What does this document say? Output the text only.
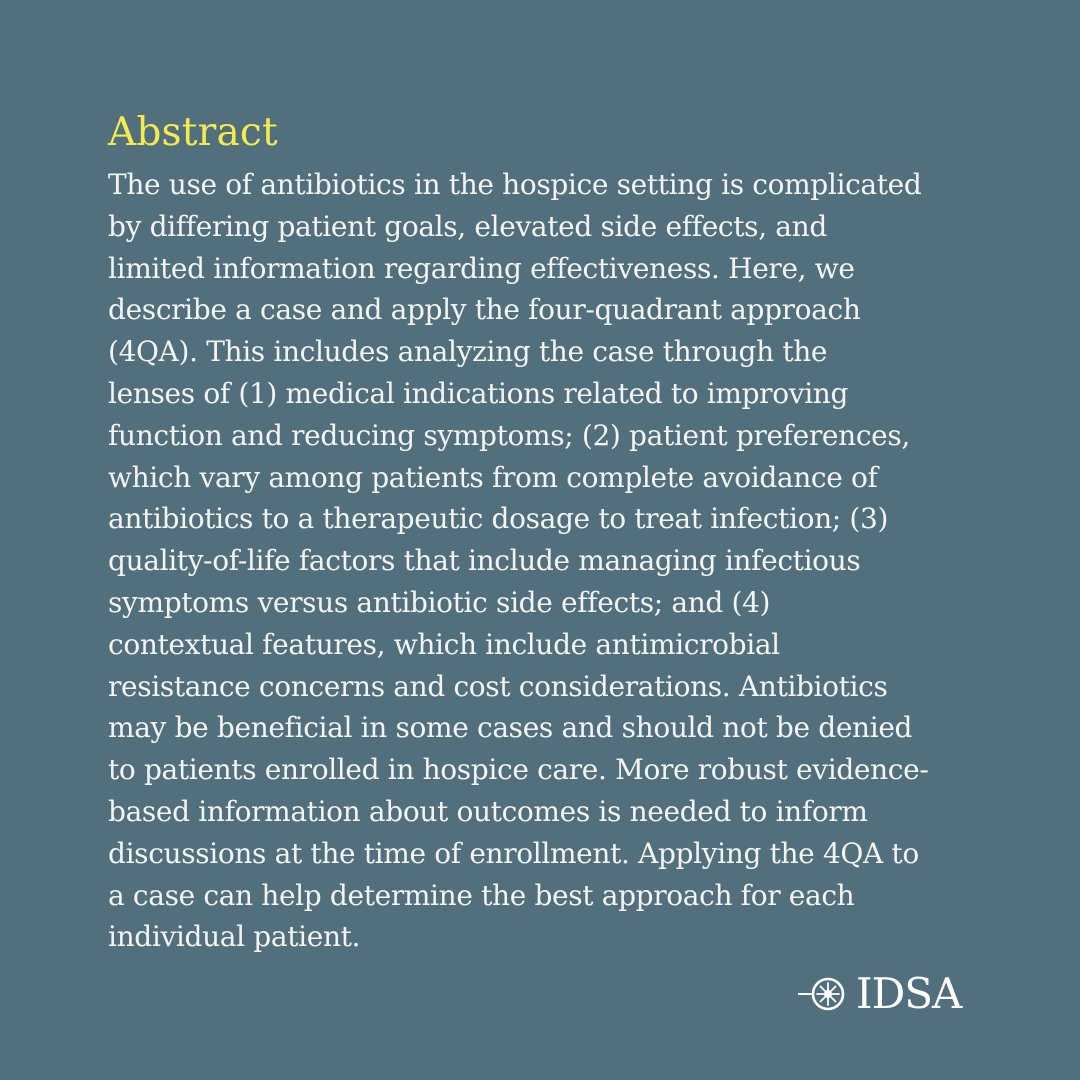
Abstract

The use of antibiotics in the hospice setting is complicated
by differing patient goals, elevated side effects, and
limited information regarding effectiveness. Here, we
describe a case and apply the four-quadrant approach
(4QA). This includes analyzing the case through the
lenses of (1) medical indications related to improving
function and reducing symptoms; (2) patient preferences,
which vary among patients from complete avoidance of
antibiotics to a therapeutic dosage to treat infection; (3)
quality-of-life factors that include managing infectious
symptoms versus antibiotic side effects; and (4)
contextual features, which include antimicrobial
resistance concerns and cost considerations. Antibiotics
may be beneficial in some cases and should not be denied
to patients enrolled in hospice care. More robust evidence-
based information about outcomes is needed to inform
discussions at the time of enrollment. Applying the 4QA to
a case can help determine the best approach for each
individual patient.

IDSA
